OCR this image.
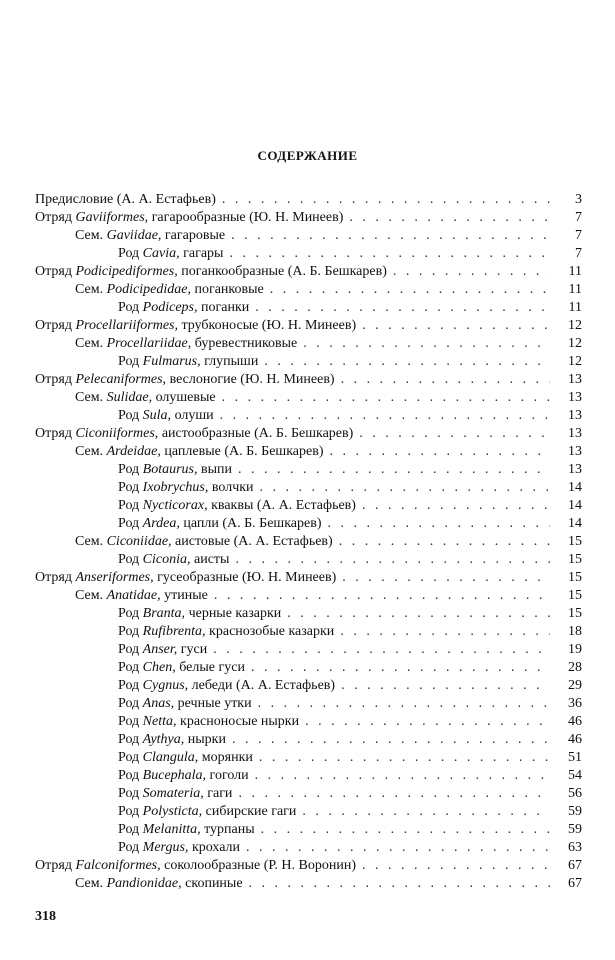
СОДЕРЖАНИЕ
Предисловие (А. А. Естафьев) . . .	3
Отряд Gaviiformes, гагарообразные (Ю. Н. Минеев) . . .	7
Сем. Gaviidae, гагаровые . . .	7
Род Cavia, гагары . . .	7
Отряд Podicipediformes, поганкообразные (А. Б. Бешкарев) . . .	11
Сем. Podicipedidae, поганковые . . .	11
Род Podiceps, поганки . . .	11
Отряд Procellariiformes, трубконосые (Ю. Н. Минеев) . . .	12
Сем. Procellariidae, буревестниковые . . .	12
Род Fulmarus, глупыши . . .	12
Отряд Pelecaniformes, веслоногие (Ю. Н. Минеев) . . .	13
Сем. Sulidae, олушевые . . .	13
Род Sula, олуши . . .	13
Отряд Ciconiiformes, аистообразные (А. Б. Бешкарев) . . .	13
Сем. Ardeidae, цаплевые (А. Б. Бешкарев) . . .	13
Род Botaurus, выпи . . .	13
Род Ixobrychus, волчки . . .	14
Род Nycticorax, кваквы (А. А. Естафьев) . . .	14
Род Ardea, цапли (А. Б. Бешкарев) . . .	14
Сем. Ciconiidae, аистовые (А. А. Естафьев) . . .	15
Род Ciconia, аисты . . .	15
Отряд Anseriformes, гусеобразные (Ю. Н. Минеев) . . .	15
Сем. Anatidae, утиные . . .	15
Род Branta, черные казарки . . .	15
Род Rufibrenta, краснозобые казарки . . .	18
Род Anser, гуси . . .	19
Род Chen, белые гуси . . .	28
Род Cygnus, лебеди (А. А. Естафьев) . . .	29
Род Anas, речные утки . . .	36
Род Netta, красноносые нырки . . .	46
Род Aythya, нырки . . .	46
Род Clangula, морянки . . .	51
Род Bucephala, гоголи . . .	54
Род Somateria, гаги . . .	56
Род Polysticta, сибирские гаги . . .	59
Род Melanitta, турпаны . . .	59
Род Mergus, крохали . . .	63
Отряд Falconiformes, соколообразные (Р. Н. Воронин) . . .	67
Сем. Pandionidae, скопиные . . .	67
318
